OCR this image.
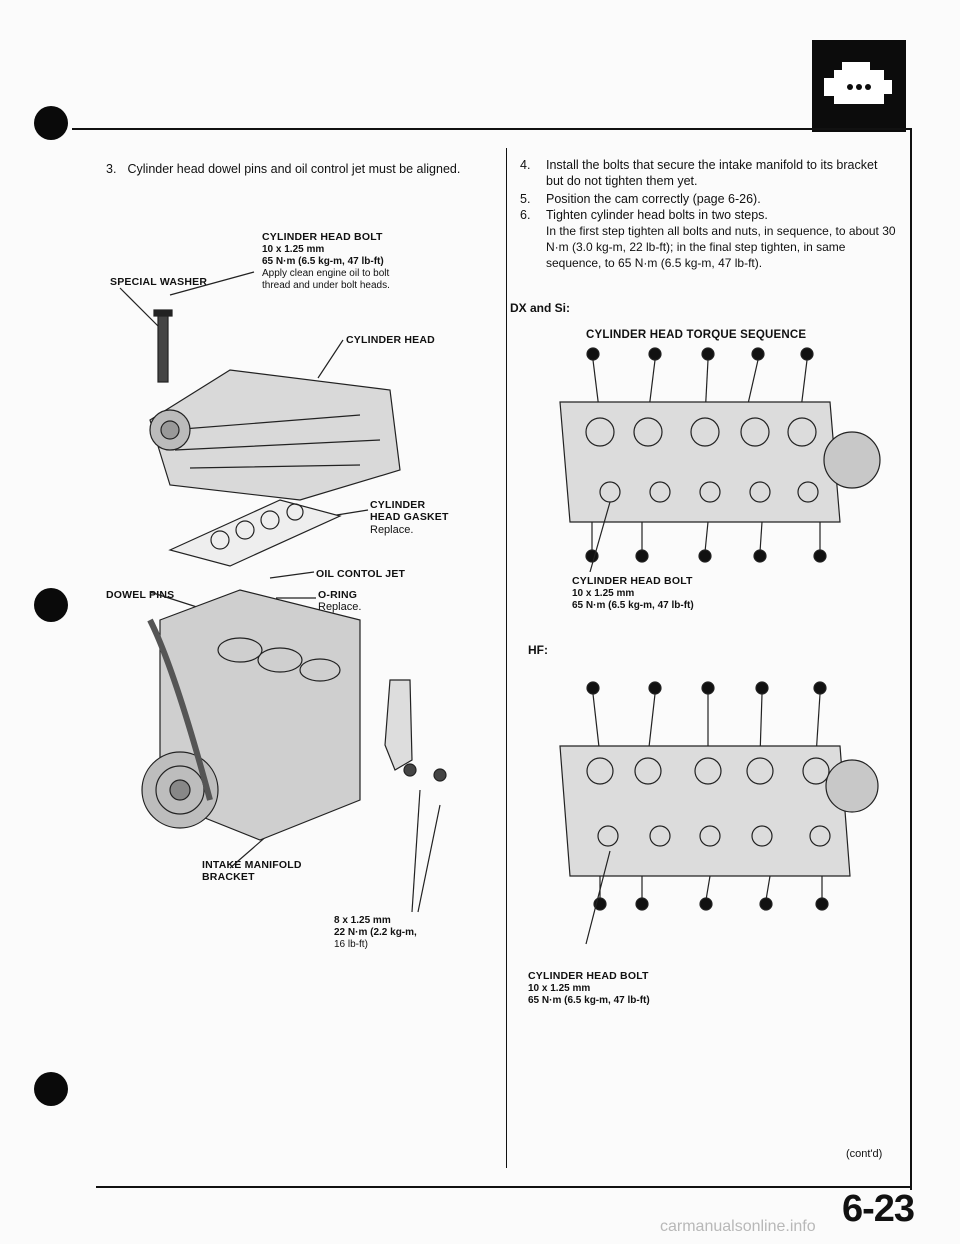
3. Cylinder head dowel pins and oil control jet must be aligned.
CYLINDER HEAD BOLT
10 x 1.25 mm
65 N·m (6.5 kg-m, 47 lb-ft)
Apply clean engine oil to bolt
thread and under bolt heads.
SPECIAL WASHER
CYLINDER HEAD
CYLINDER
HEAD GASKET
Replace.
OIL CONTOL JET
O-RING
Replace.
DOWEL PINS
INTAKE MANIFOLD
BRACKET
8 x 1.25 mm
22 N·m (2.2 kg-m,
16 lb-ft)
4.	Install the bolts that secure the intake manifold to its bracket but do not tighten them yet.
5.	Position the cam correctly (page 6-26).
6.	Tighten cylinder head bolts in two steps.
In the first step tighten all bolts and nuts, in sequence, to about 30 N·m (3.0 kg-m, 22 lb-ft); in the final step tighten, in same sequence, to 65 N·m (6.5 kg-m, 47 lb-ft).
DX and Si:
CYLINDER HEAD TORQUE SEQUENCE
CYLINDER HEAD BOLT
10 x 1.25 mm
65 N·m (6.5 kg-m, 47 lb-ft)
HF:
CYLINDER HEAD BOLT
10 x 1.25 mm
65 N·m (6.5 kg-m, 47 lb-ft)
(cont'd)
6-23
carmanualsonline.info
